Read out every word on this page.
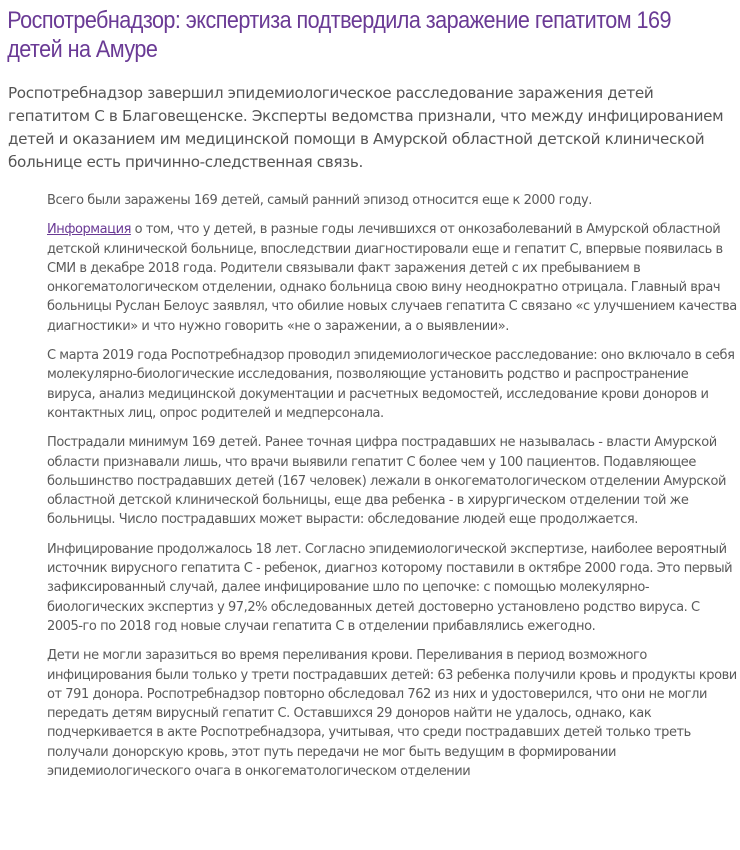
Роспотребнадзор: экспертиза подтвердила заражение гепатитом 169 детей на Амуре
Роспотребнадзор завершил эпидемиологическое расследование заражения детей гепатитом С в Благовещенске. Эксперты ведомства признали, что между инфицированием детей и оказанием им медицинской помощи в Амурской областной детской клинической больнице есть причинно-следственная связь.

Всего были заражены 169 детей, самый ранний эпизод относится еще к 2000 году.

Информация о том, что у детей, в разные годы лечившихся от онкозаболеваний в Амурской областной детской клинической больнице, впоследствии диагностировали еще и гепатит С, впервые появилась в СМИ в декабре 2018 года. Родители связывали факт заражения детей с их пребыванием в онкогематологическом отделении, однако больница свою вину неоднократно отрицала. Главный врач больницы Руслан Белоус заявлял, что обилие новых случаев гепатита С связано «с улучшением качества диагностики» и что нужно говорить «не о заражении, а о выявлении».

С марта 2019 года Роспотребнадзор проводил эпидемиологическое расследование: оно включало в себя молекулярно-биологические исследования, позволяющие установить родство и распространение вируса, анализ медицинской документации и расчетных ведомостей, исследование крови доноров и контактных лиц, опрос родителей и медперсонала.

Пострадали минимум 169 детей. Ранее точная цифра пострадавших не называлась - власти Амурской области признавали лишь, что врачи выявили гепатит С более чем у 100 пациентов. Подавляющее большинство пострадавших детей (167 человек) лежали в онкогематологическом отделении Амурской областной детской клинической больницы, еще два ребенка - в хирургическом отделении той же больницы. Число пострадавших может вырасти: обследование людей еще продолжается.

Инфицирование продолжалось 18 лет. Согласно эпидемиологической экспертизе, наиболее вероятный источник вирусного гепатита С - ребенок, диагноз которому поставили в октябре 2000 года. Это первый зафиксированный случай, далее инфицирование шло по цепочке: с помощью молекулярно-биологических экспертиз у 97,2% обследованных детей достоверно установлено родство вируса. С 2005-го по 2018 год новые случаи гепатита С в отделении прибавлялись ежегодно.

Дети не могли заразиться во время переливания крови. Переливания в период возможного инфицирования были только у трети пострадавших детей: 63 ребенка получили кровь и продукты крови от 791 донора. Роспотребнадзор повторно обследовал 762 из них и удостоверился, что они не могли передать детям вирусный гепатит С. Оставшихся 29 доноров найти не удалось, однако, как подчеркивается в акте Роспотребнадзора, учитывая, что среди пострадавших детей только треть получали донорскую кровь, этот путь передачи не мог быть ведущим в формировании эпидемиологического очага в онкогематологическом отделении
